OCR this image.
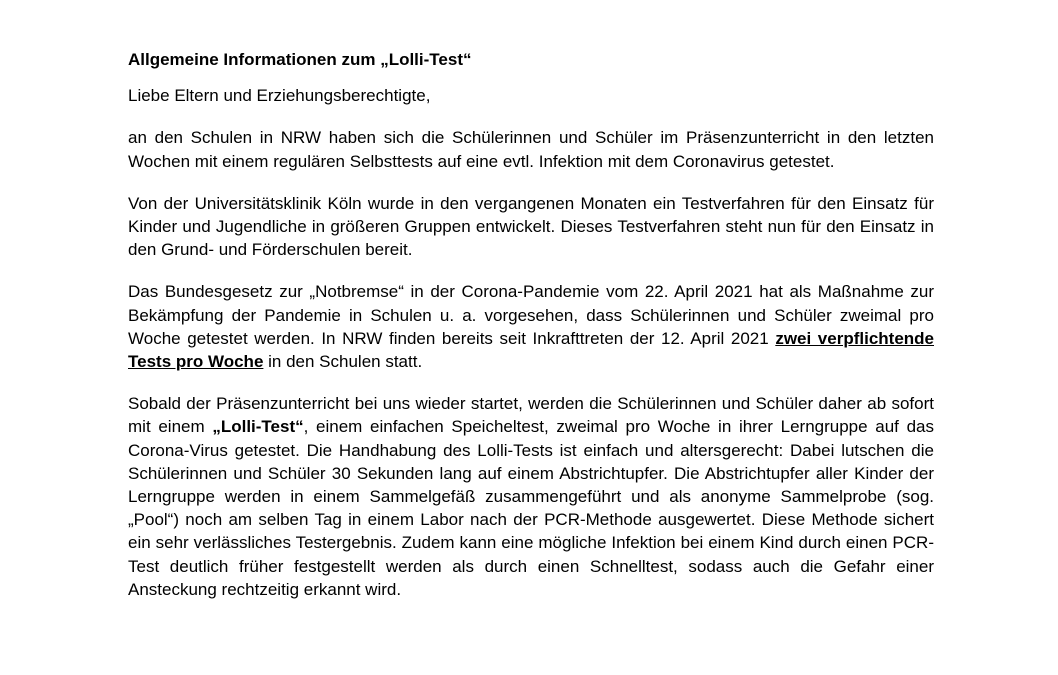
Allgemeine Informationen zum „Lolli-Test“

Liebe Eltern und Erziehungsberechtigte,

an den Schulen in NRW haben sich die Schülerinnen und Schüler im Präsenzunterricht in den letzten Wochen mit einem regulären Selbsttests auf eine evtl. Infektion mit dem Coronavirus getestet.

Von der Universitätsklinik Köln wurde in den vergangenen Monaten ein Testverfahren für den Einsatz für Kinder und Jugendliche in größeren Gruppen entwickelt. Dieses Testverfahren steht nun für den Einsatz in den Grund- und Förderschulen bereit.

Das Bundesgesetz zur „Notbremse“ in der Corona-Pandemie vom 22. April 2021 hat als Maßnahme zur Bekämpfung der Pandemie in Schulen u. a. vorgesehen, dass Schülerinnen und Schüler zweimal pro Woche getestet werden. In NRW finden bereits seit Inkrafttreten der 12. April 2021 zwei verpflichtende Tests pro Woche in den Schulen statt.

Sobald der Präsenzunterricht bei uns wieder startet, werden die Schülerinnen und Schüler daher ab sofort mit einem „Lolli-Test“, einem einfachen Speicheltest, zweimal pro Woche in ihrer Lerngruppe auf das Corona-Virus getestet. Die Handhabung des Lolli-Tests ist einfach und altersgerecht: Dabei lutschen die Schülerinnen und Schüler 30 Sekunden lang auf einem Abstrichtupfer. Die Abstrichtupfer aller Kinder der Lerngruppe werden in einem Sammelgefäß zusammengeführt und als anonyme Sammelprobe (sog. „Pool“) noch am selben Tag in einem Labor nach der PCR-Methode ausgewertet. Diese Methode sichert ein sehr verlässliches Testergebnis. Zudem kann eine mögliche Infektion bei einem Kind durch einen PCR-Test deutlich früher festgestellt werden als durch einen Schnelltest, sodass auch die Gefahr einer Ansteckung rechtzeitig erkannt wird.
